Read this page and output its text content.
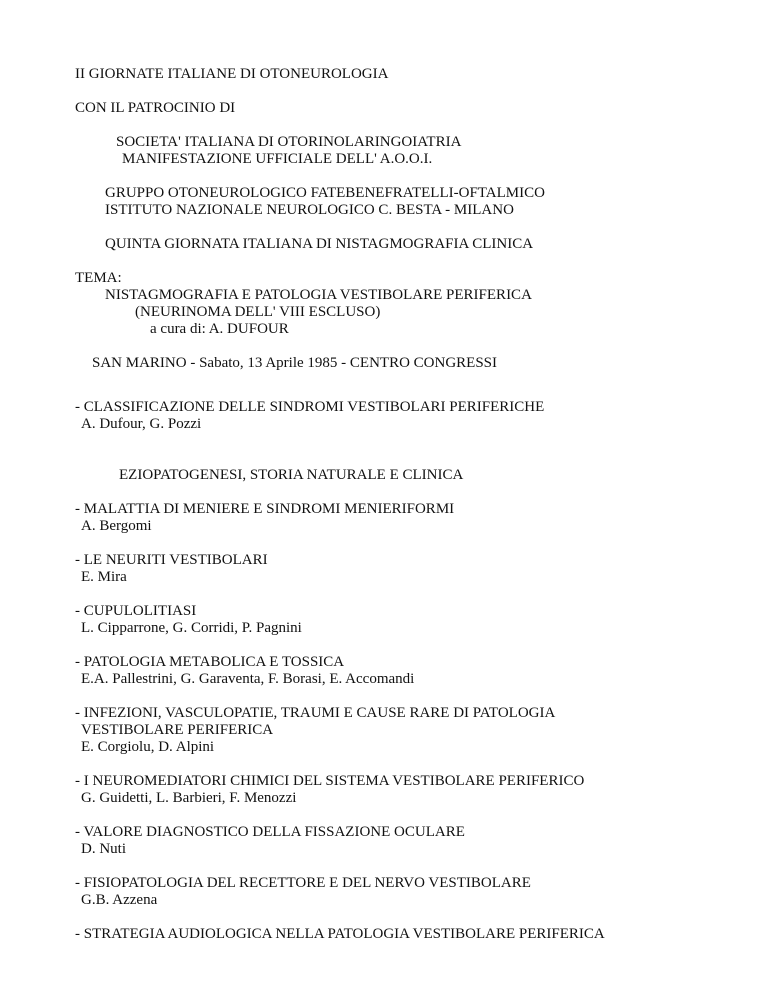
II GIORNATE ITALIANE DI OTONEUROLOGIA
CON IL PATROCINIO DI
SOCIETA' ITALIANA DI OTORINOLARINGOIATRIA
MANIFESTAZIONE UFFICIALE DELL' A.O.O.I.
GRUPPO OTONEUROLOGICO FATEBENEFRATELLI-OFTALMICO
ISTITUTO NAZIONALE NEUROLOGICO C. BESTA - MILANO
QUINTA GIORNATA ITALIANA DI NISTAGMOGRAFIA CLINICA
TEMA:
NISTAGMOGRAFIA E PATOLOGIA VESTIBOLARE PERIFERICA
(NEURINOMA DELL' VIII ESCLUSO)
a cura di: A. DUFOUR
SAN MARINO - Sabato, 13 Aprile 1985 - CENTRO CONGRESSI
- CLASSIFICAZIONE DELLE SINDROMI VESTIBOLARI PERIFERICHE
A. Dufour, G. Pozzi
EZIOPATOGENESI, STORIA NATURALE E CLINICA
- MALATTIA DI MENIERE E SINDROMI MENIERIFORMI
A. Bergomi
- LE NEURITI VESTIBOLARI
E. Mira
- CUPULOLITIASI
L. Cipparrone, G. Corridi, P. Pagnini
- PATOLOGIA METABOLICA E TOSSICA
E.A. Pallestrini, G. Garaventa, F. Borasi, E. Accomandi
- INFEZIONI, VASCULOPATIE, TRAUMI E CAUSE RARE DI PATOLOGIA
VESTIBOLARE PERIFERICA
E. Corgiolu, D. Alpini
- I NEUROMEDIATORI CHIMICI DEL SISTEMA VESTIBOLARE PERIFERICO
G. Guidetti, L. Barbieri, F. Menozzi
- VALORE DIAGNOSTICO DELLA FISSAZIONE OCULARE
D. Nuti
- FISIOPATOLOGIA DEL RECETTORE E DEL NERVO VESTIBOLARE
G.B. Azzena
- STRATEGIA AUDIOLOGICA NELLA PATOLOGIA VESTIBOLARE PERIFERICA
